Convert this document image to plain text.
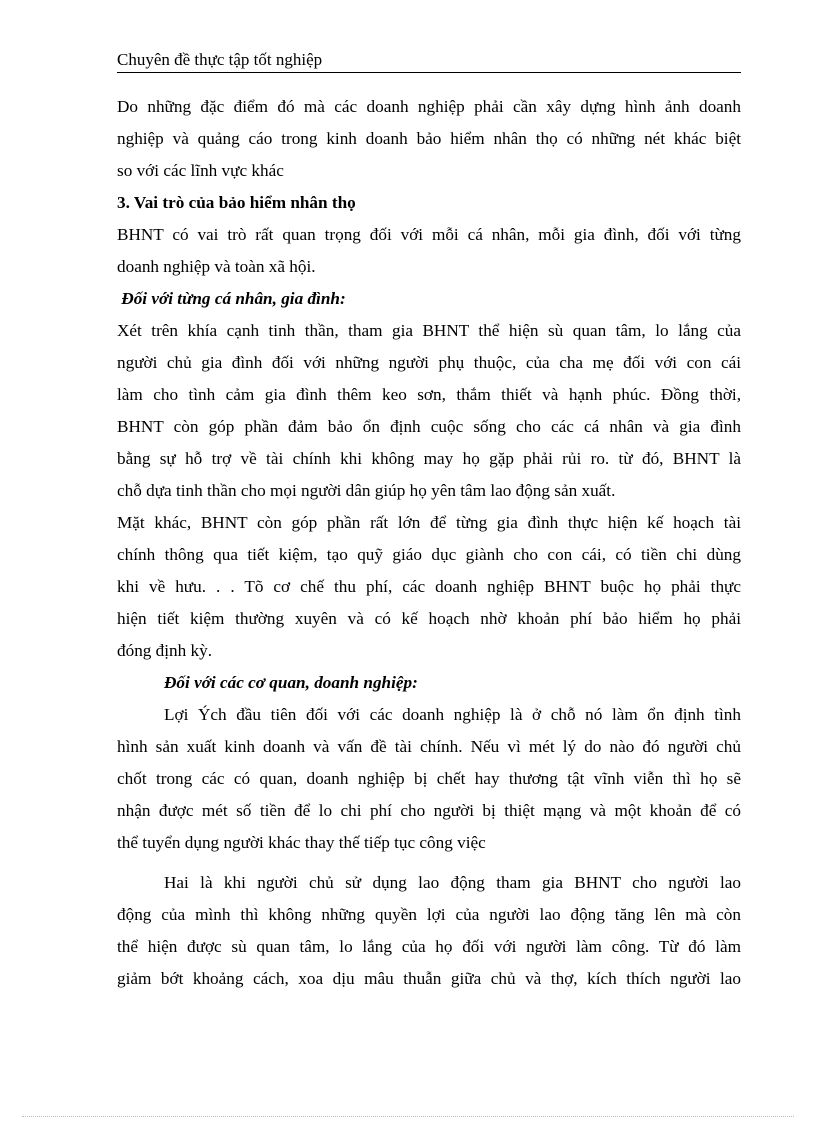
Chuyên đề thực tập tốt nghiệp
Do những đặc điểm đó mà các doanh nghiệp phải cần xây dựng hình ảnh doanh
nghiệp và quảng cáo trong kinh doanh bảo hiểm nhân thọ có những nét khác biệt
so với các lĩnh vực khác
3. Vai trò của bảo hiểm nhân thọ
BHNT có vai trò rất quan trọng đối với mỗi cá nhân, mỗi gia đình, đối với từng
doanh nghiệp và toàn xã hội.
Đối với từng cá nhân, gia đình:
Xét trên khía cạnh tinh thần, tham gia BHNT thể hiện sù quan tâm, lo lắng của
người chủ gia đình đối với những người phụ thuộc, của cha mẹ đối với con cái
làm cho tình cảm gia đình thêm keo sơn, thắm thiết và hạnh phúc. Đồng thời,
BHNT còn góp phần đảm bảo ổn định cuộc sống cho các cá nhân và gia đình
bằng sự hỗ trợ về tài chính khi không may họ gặp phải rủi ro. từ đó, BHNT là
chỗ dựa tinh thần cho mọi người dân giúp họ yên tâm lao động sản xuất.
Mặt khác, BHNT còn góp phần rất lớn để từng gia đình thực hiện kế hoạch tài
chính thông qua tiết kiệm, tạo quỹ giáo dục giành cho con cái, có tiền chi dùng
khi về hưu. . . Tõ cơ chế thu phí, các doanh nghiệp BHNT buộc họ phải thực
hiện tiết kiệm thường xuyên và có kế hoạch nhờ khoản phí bảo hiểm họ phải
đóng định kỳ.
Đối với các cơ quan, doanh nghiệp:
Lợi Ých đầu tiên đối với các doanh nghiệp là ở chỗ nó làm ổn định tình
hình sản xuất kinh doanh và vấn đề tài chính. Nếu vì mét lý do nào đó người chủ
chốt trong các có quan, doanh nghiệp bị chết hay thương tật vĩnh viễn thì họ sẽ
nhận được mét số tiền để lo chi phí cho người bị thiệt mạng và một khoản để có
thể tuyển dụng người khác thay thế tiếp tục công việc
Hai là khi người chủ sử dụng lao động tham gia BHNT cho người lao
động của mình thì không những quyền lợi của người lao động tăng lên mà còn
thể hiện được sù quan tâm, lo lắng của họ đối với người làm công. Từ đó làm
giảm bớt khoảng cách, xoa dịu mâu thuẫn giữa chủ và thợ, kích thích người lao
